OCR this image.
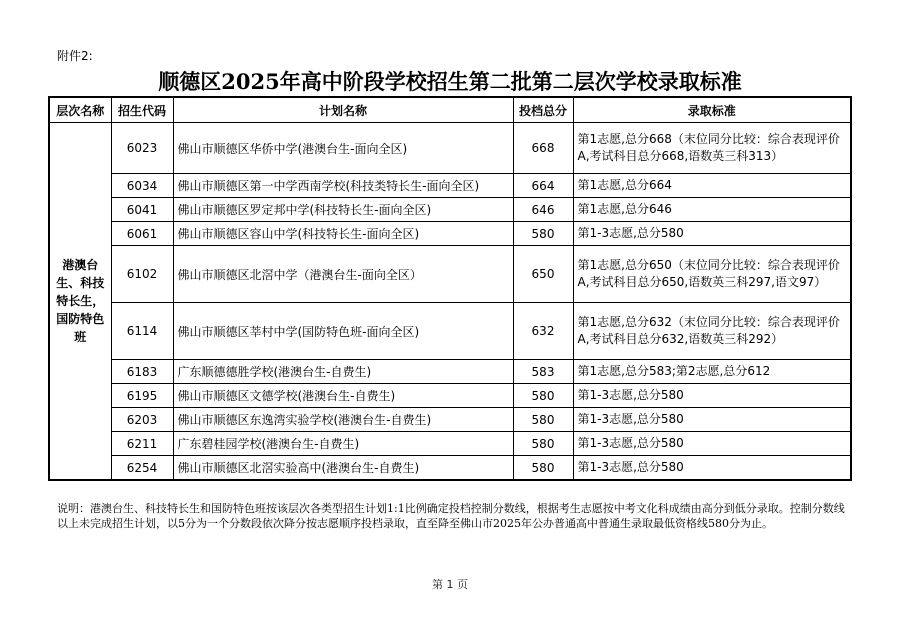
附件2:
顺德区2025年高中阶段学校招生第二批第二层次学校录取标准
层次名称	招生代码	计划名称	投档总分	录取标准
港澳台生、科技特长生，国防特色班	6023	佛山市顺德区华侨中学(港澳台生-面向全区)	668	第1志愿,总分668（末位同分比较：综合表现评价A,考试科目总分668,语数英三科313）
	6034	佛山市顺德区第一中学西南学校(科技类特长生-面向全区)	664	第1志愿,总分664
	6041	佛山市顺德区罗定邦中学(科技特长生-面向全区)	646	第1志愿,总分646
	6061	佛山市顺德区容山中学(科技特长生-面向全区)	580	第1-3志愿,总分580
	6102	佛山市顺德区北滘中学（港澳台生-面向全区）	650	第1志愿,总分650（末位同分比较：综合表现评价A,考试科目总分650,语数英三科297,语文97）
	6114	佛山市顺德区莘村中学(国防特色班-面向全区)	632	第1志愿,总分632（末位同分比较：综合表现评价A,考试科目总分632,语数英三科292）
	6183	广东顺德德胜学校(港澳台生-自费生)	583	第1志愿,总分583;第2志愿,总分612
	6195	佛山市顺德区文德学校(港澳台生-自费生)	580	第1-3志愿,总分580
	6203	佛山市顺德区东逸湾实验学校(港澳台生-自费生)	580	第1-3志愿,总分580
	6211	广东碧桂园学校(港澳台生-自费生)	580	第1-3志愿,总分580
	6254	佛山市顺德区北滘实验高中(港澳台生-自费生)	580	第1-3志愿,总分580
说明：港澳台生、科技特长生和国防特色班按该层次各类型招生计划1:1比例确定投档控制分数线，根据考生志愿按中考文化科成绩由高分到低分录取。控制分数线以上未完成招生计划，以5分为一个分数段依次降分按志愿顺序投档录取，直至降至佛山市2025年公办普通高中普通生录取最低资格线580分为止。
第 1 页
